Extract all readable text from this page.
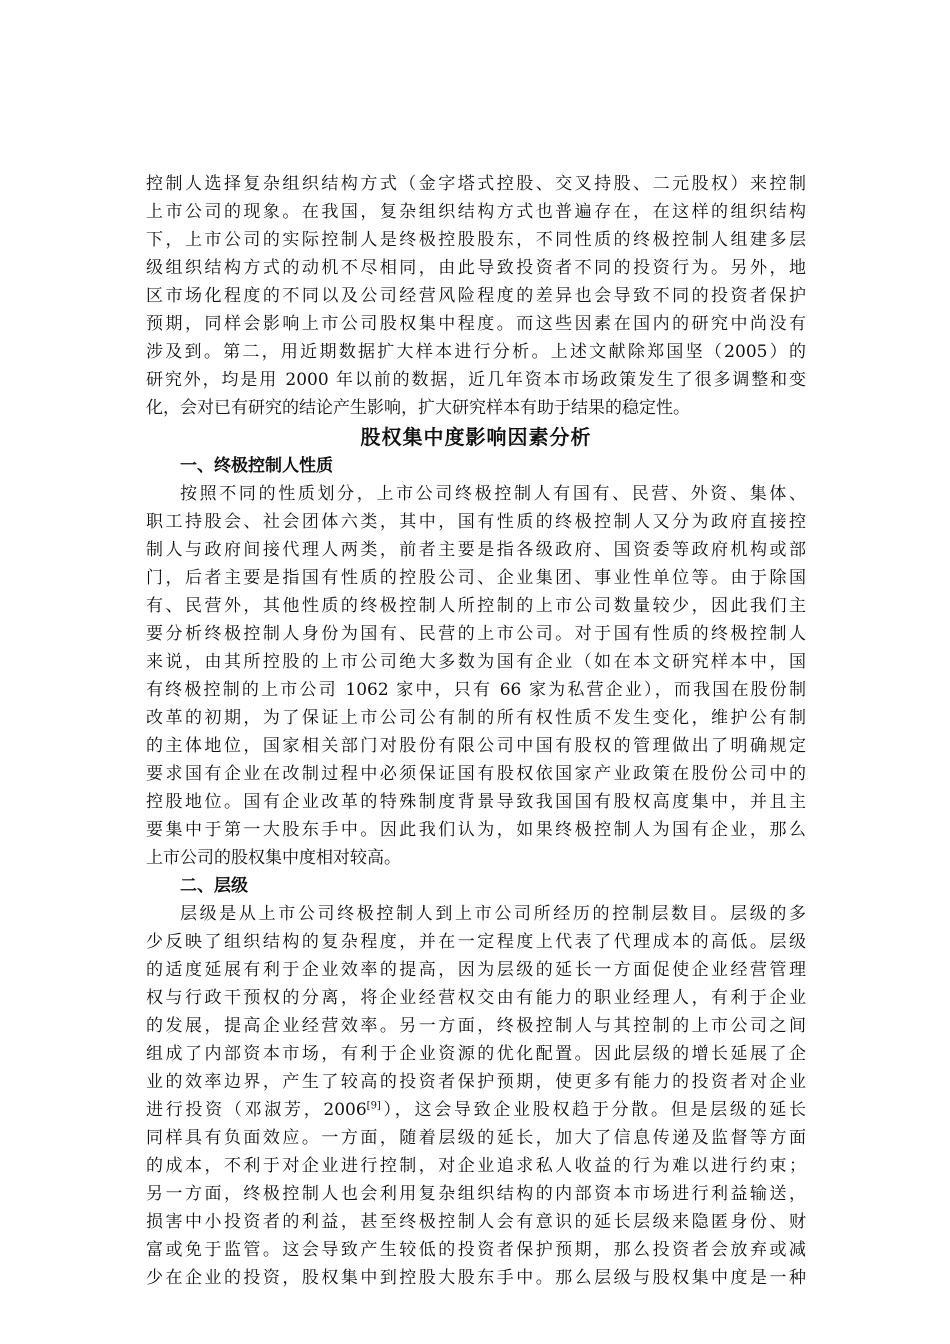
控制人选择复杂组织结构方式（金字塔式控股、交叉持股、二元股权）来控制
上市公司的现象。在我国，复杂组织结构方式也普遍存在，在这样的组织结构
下，上市公司的实际控制人是终极控股股东，不同性质的终极控制人组建多层
级组织结构方式的动机不尽相同，由此导致投资者不同的投资行为。另外，地
区市场化程度的不同以及公司经营风险程度的差异也会导致不同的投资者保护
预期，同样会影响上市公司股权集中程度。而这些因素在国内的研究中尚没有
涉及到。第二，用近期数据扩大样本进行分析。上述文献除郑国坚（2005）的
研究外，均是用 2000 年以前的数据，近几年资本市场政策发生了很多调整和变
化，会对已有研究的结论产生影响，扩大研究样本有助于结果的稳定性。
股权集中度影响因素分析
一、终极控制人性质
按照不同的性质划分，上市公司终极控制人有国有、民营、外资、集体、
职工持股会、社会团体六类，其中，国有性质的终极控制人又分为政府直接控
制人与政府间接代理人两类，前者主要是指各级政府、国资委等政府机构或部
门，后者主要是指国有性质的控股公司、企业集团、事业性单位等。由于除国
有、民营外，其他性质的终极控制人所控制的上市公司数量较少，因此我们主
要分析终极控制人身份为国有、民营的上市公司。对于国有性质的终极控制人
来说，由其所控股的上市公司绝大多数为国有企业（如在本文研究样本中，国
有终极控制的上市公司 1062 家中，只有 66 家为私营企业），而我国在股份制
改革的初期，为了保证上市公司公有制的所有权性质不发生变化，维护公有制
的主体地位，国家相关部门对股份有限公司中国有股权的管理做出了明确规定
要求国有企业在改制过程中必须保证国有股权依国家产业政策在股份公司中的
控股地位。国有企业改革的特殊制度背景导致我国国有股权高度集中，并且主
要集中于第一大股东手中。因此我们认为，如果终极控制人为国有企业，那么
上市公司的股权集中度相对较高。
二、层级
层级是从上市公司终极控制人到上市公司所经历的控制层数目。层级的多
少反映了组织结构的复杂程度，并在一定程度上代表了代理成本的高低。层级
的适度延展有利于企业效率的提高，因为层级的延长一方面促使企业经营管理
权与行政干预权的分离，将企业经营权交由有能力的职业经理人，有利于企业
的发展，提高企业经营效率。另一方面，终极控制人与其控制的上市公司之间
组成了内部资本市场，有利于企业资源的优化配置。因此层级的增长延展了企
业的效率边界，产生了较高的投资者保护预期，使更多有能力的投资者对企业
进行投资（邓淑芳，2006[9]），这会导致企业股权趋于分散。但是层级的延长
同样具有负面效应。一方面，随着层级的延长，加大了信息传递及监督等方面
的成本，不利于对企业进行控制，对企业追求私人收益的行为难以进行约束；
另一方面，终极控制人也会利用复杂组织结构的内部资本市场进行利益输送，
损害中小投资者的利益，甚至终极控制人会有意识的延长层级来隐匿身份、财
富或免于监管。这会导致产生较低的投资者保护预期，那么投资者会放弃或减
少在企业的投资，股权集中到控股大股东手中。那么层级与股权集中度是一种
